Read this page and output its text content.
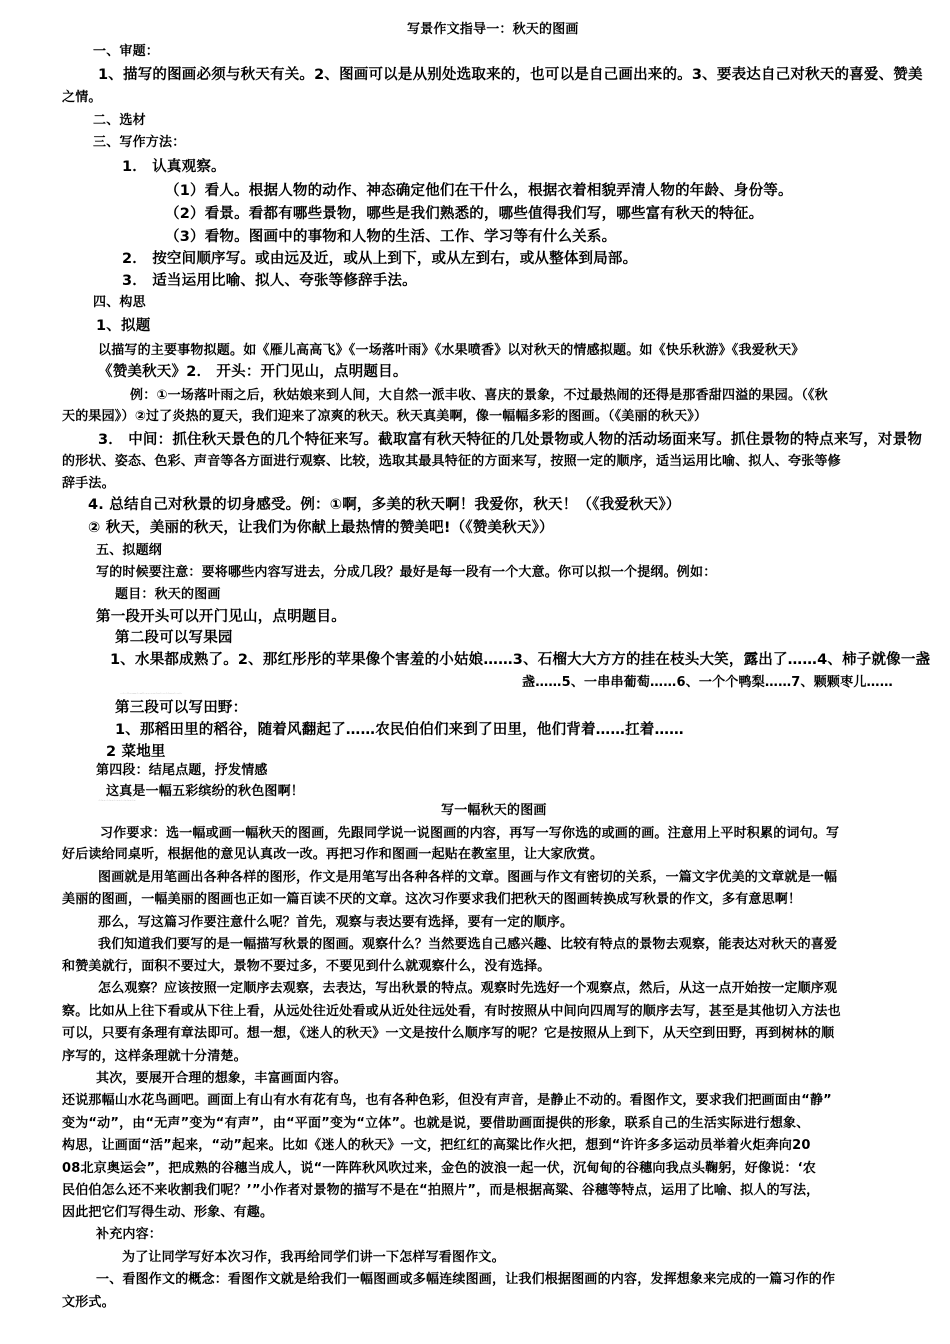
写景作文指导一：秋天的图画
一、审题：
1、描写的图画必须与秋天有关。2、图画可以是从别处选取来的，也可以是自己画出来的。3、要表达自己对秋天的喜爱、赞美
之情。
二、选材
三、写作方法：
1． 认真观察。
（1）看人。根据人物的动作、神态确定他们在干什么，根据衣着相貌弄清人物的年龄、身份等。
（2）看景。看都有哪些景物，哪些是我们熟悉的，哪些值得我们写，哪些富有秋天的特征。
（3）看物。图画中的事物和人物的生活、工作、学习等有什么关系。
2． 按空间顺序写。或由远及近，或从上到下，或从左到右，或从整体到局部。
3． 适当运用比喻、拟人、夸张等修辞手法。
四、构思
1、拟题
以描写的主要事物拟题。如《雁儿高高飞》《一场落叶雨》《水果喷香》以对秋天的情感拟题。如《快乐秋游》《我爱秋天》
《赞美秋天》2． 开头：开门见山，点明题目。
例：①一场落叶雨之后，秋姑娘来到人间，大自然一派丰收、喜庆的景象，不过最热闹的还得是那香甜四溢的果园。（《秋
天的果园》）②过了炎热的夏天，我们迎来了凉爽的秋天。秋天真美啊，像一幅幅多彩的图画。（《美丽的秋天》）
3． 中间：抓住秋天景色的几个特征来写。截取富有秋天特征的几处景物或人物的活动场面来写。抓住景物的特点来写，对景物
的形状、姿态、色彩、声音等各方面进行观察、比较，选取其最具特征的方面来写，按照一定的顺序，适当运用比喻、拟人、夸张等修
辞手法。
4. 总结自己对秋景的切身感受。例：①啊，多美的秋天啊！我爱你，秋天！（《我爱秋天》）
② 秋天，美丽的秋天，让我们为你献上最热情的赞美吧!（《赞美秋天》）
五、拟题纲
写的时候要注意：要将哪些内容写进去，分成几段？最好是每一段有一个大意。你可以拟一个提纲。例如：
题目：秋天的图画
第一段开头可以开门见山，点明题目。
第二段可以写果园
1、水果都成熟了。2、那红彤彤的苹果像个害羞的小姑娘……3、石榴大大方方的挂在枝头大笑，露出了……4、柿子就像一盏
盏……5、一串串葡萄……6、一个个鸭梨……7、颗颗枣儿……
···:···::·-·----·:··--::··-·-··-·--·:--·:··-··:·:--·-·:··--:··
第三段可以写田野：
1、那稻田里的稻谷，随着风翻起了……农民伯伯们来到了田里，他们背着……扛着……
2 菜地里
第四段：结尾点题，抒发情感
这真是一幅五彩缤纷的秋色图啊！
·:·:-·-··:·:-·-·:··-·-·:··:-·:-·-·:·-·
写一幅秋天的图画
习作要求：选一幅或画一幅秋天的图画，先跟同学说一说图画的内容，再写一写你选的或画的画。注意用上平时积累的词句。写
好后读给同桌听，根据他的意见认真改一改。再把习作和图画一起贴在教室里，让大家欣赏。
图画就是用笔画出各种各样的图形，作文是用笔写出各种各样的文章。图画与作文有密切的关系，一篇文字优美的文章就是一幅
美丽的图画，一幅美丽的图画也正如一篇百读不厌的文章。这次习作要求我们把秋天的图画转换成写秋景的作文，多有意思啊！
那么，写这篇习作要注意什么呢？首先，观察与表达要有选择，要有一定的顺序。
我们知道我们要写的是一幅描写秋景的图画。观察什么？当然要选自己感兴趣、比较有特点的景物去观察，能表达对秋天的喜爱
和赞美就行，面积不要过大，景物不要过多，不要见到什么就观察什么，没有选择。
怎么观察？应该按照一定顺序去观察，去表达，写出秋景的特点。观察时先选好一个观察点，然后，从这一点开始按一定顺序观
察。比如从上往下看或从下往上看，从远处往近处看或从近处往远处看，有时按照从中间向四周写的顺序去写，甚至是其他切入方法也
可以，只要有条理有章法即可。想一想，《迷人的秋天》一文是按什么顺序写的呢？它是按照从上到下，从天空到田野，再到树林的顺
序写的，这样条理就十分清楚。
其次，要展开合理的想象，丰富画面内容。
还说那幅山水花鸟画吧。画面上有山有水有花有鸟，也有各种色彩，但没有声音，是静止不动的。看图作文，要求我们把画面由“静”
变为“动”，由“无声”变为“有声”，由“平面”变为“立体”。也就是说，要借助画面提供的形象，联系自己的生活实际进行想象、
构思，让画面“活”起来，“动”起来。比如《迷人的秋天》一文，把红红的高粱比作火把，想到“许许多多运动员举着火炬奔向20
08北京奥运会”，把成熟的谷穗当成人，说“一阵阵秋风吹过来，金色的波浪一起一伏，沉甸甸的谷穗向我点头鞠躬，好像说：‘农
民伯伯怎么还不来收割我们呢？’”小作者对景物的描写不是在“拍照片”，而是根据高粱、谷穗等特点，运用了比喻、拟人的写法，
因此把它们写得生动、形象、有趣。
补充内容：
为了让同学写好本次习作，我再给同学们讲一下怎样写看图作文。
一、看图作文的概念：看图作文就是给我们一幅图画或多幅连续图画，让我们根据图画的内容，发挥想象来完成的一篇习作的作
文形式。
